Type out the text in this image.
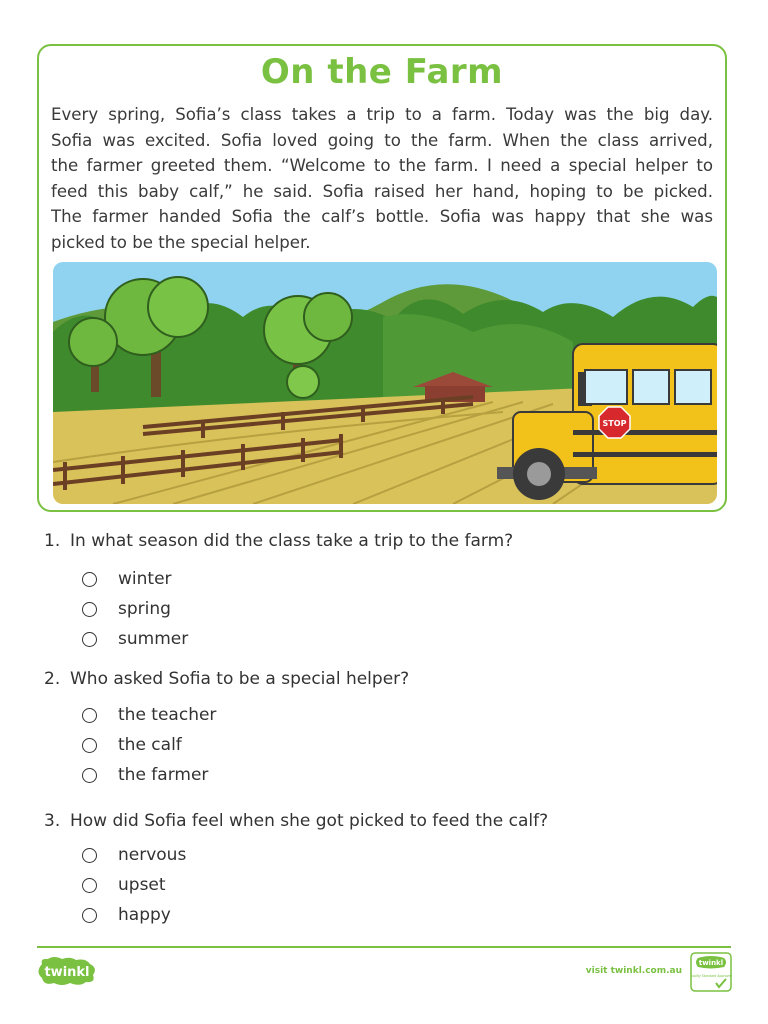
On the Farm
Every spring, Sofia’s class takes a trip to a farm. Today was the big day.
Sofia was excited. Sofia loved going to the farm. When the class arrived,
the farmer greeted them. “Welcome to the farm. I need a special helper to
feed this baby calf,” he said. Sofia raised her hand, hoping to be picked.
The farmer handed Sofia the calf’s bottle. Sofia was happy that she was
picked to be the special helper.
STOP
1. In what season did the class take a trip to the farm?
winter
spring
summer
2. Who asked Sofia to be a special helper?
the teacher
the calf
the farmer
3. How did Sofia feel when she got picked to feed the calf?
nervous
upset
happy
twinkl	visit twinkl.com.au
twinkl
Quality Standard Approved
